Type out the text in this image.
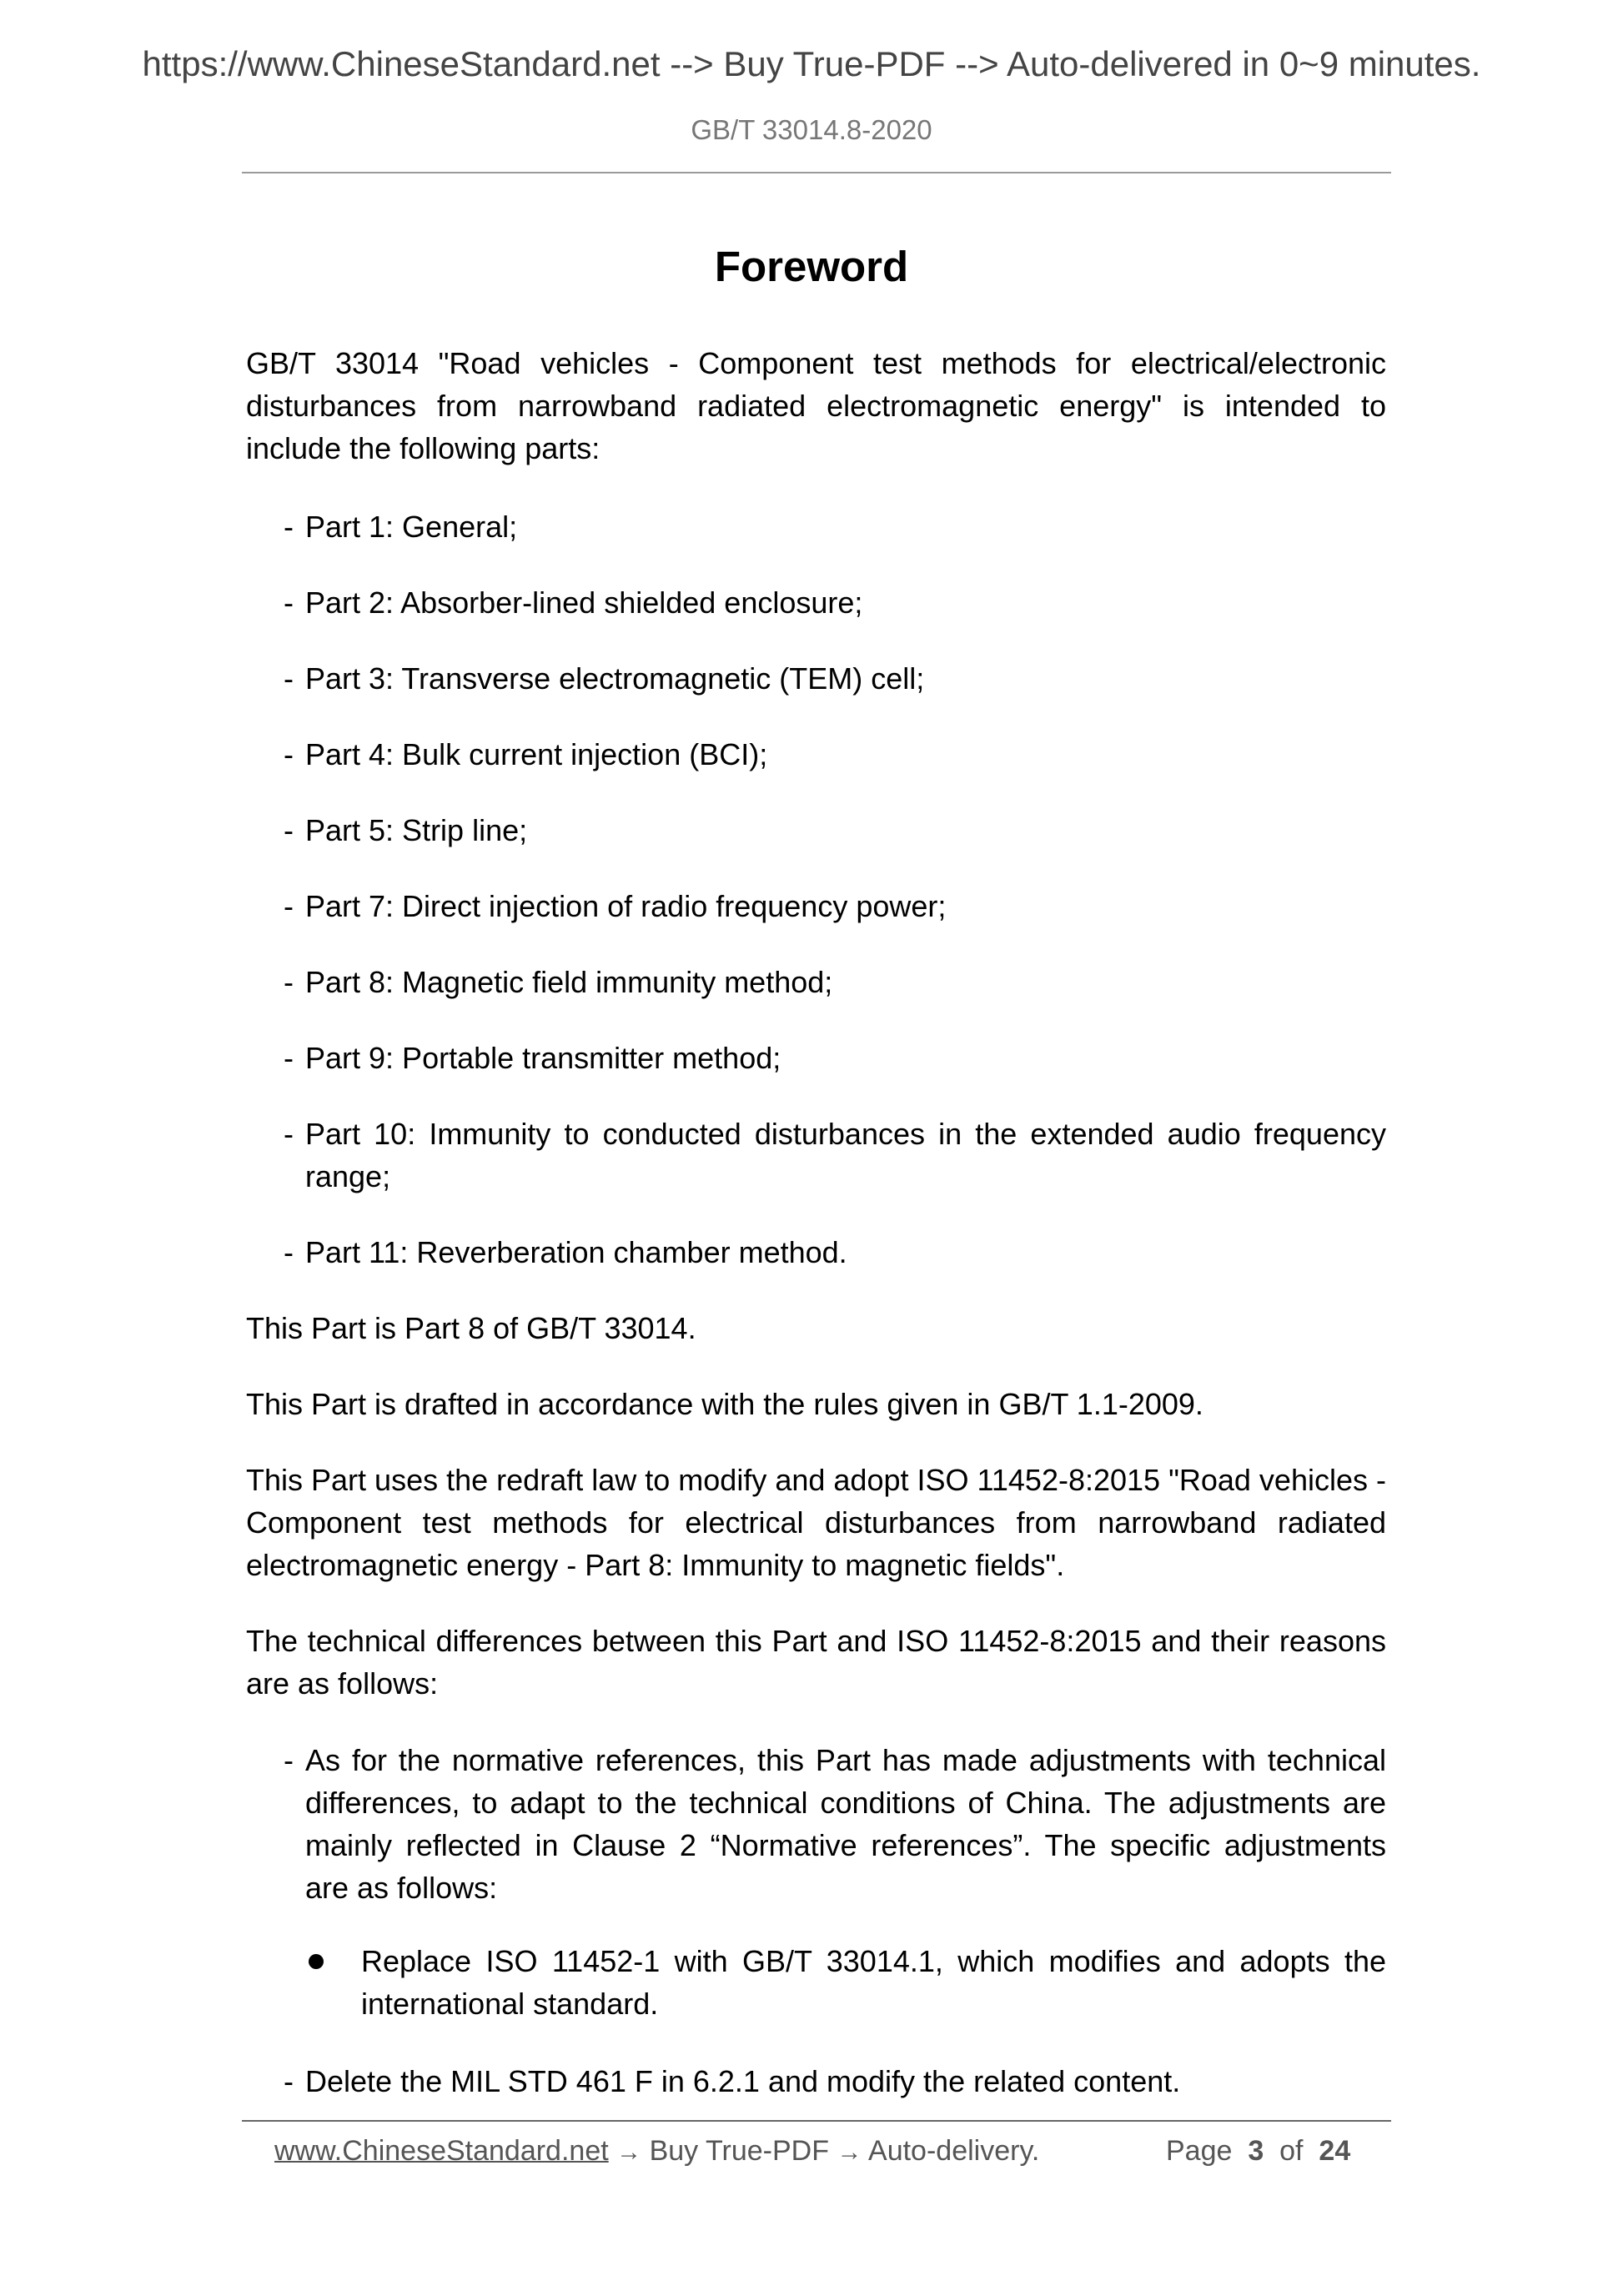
https://www.ChineseStandard.net --> Buy True-PDF --> Auto-delivered in 0~9 minutes.
GB/T 33014.8-2020
Foreword
GB/T 33014 "Road vehicles - Component test methods for electrical/electronic disturbances from narrowband radiated electromagnetic energy" is intended to include the following parts:
- Part 1: General;
- Part 2: Absorber-lined shielded enclosure;
- Part 3: Transverse electromagnetic (TEM) cell;
- Part 4: Bulk current injection (BCI);
- Part 5: Strip line;
- Part 7: Direct injection of radio frequency power;
- Part 8: Magnetic field immunity method;
- Part 9: Portable transmitter method;
- Part 10: Immunity to conducted disturbances in the extended audio frequency range;
- Part 11: Reverberation chamber method.
This Part is Part 8 of GB/T 33014.
This Part is drafted in accordance with the rules given in GB/T 1.1-2009.
This Part uses the redraft law to modify and adopt ISO 11452-8:2015 "Road vehicles - Component test methods for electrical disturbances from narrowband radiated electromagnetic energy - Part 8: Immunity to magnetic fields".
The technical differences between this Part and ISO 11452-8:2015 and their reasons are as follows:
- As for the normative references, this Part has made adjustments with technical differences, to adapt to the technical conditions of China. The adjustments are mainly reflected in Clause 2 “Normative references”. The specific adjustments are as follows:
Replace ISO 11452-1 with GB/T 33014.1, which modifies and adopts the international standard.
- Delete the MIL STD 461 F in 6.2.1 and modify the related content.
www.ChineseStandard.net → Buy True-PDF → Auto-delivery.	Page 3 of 24
